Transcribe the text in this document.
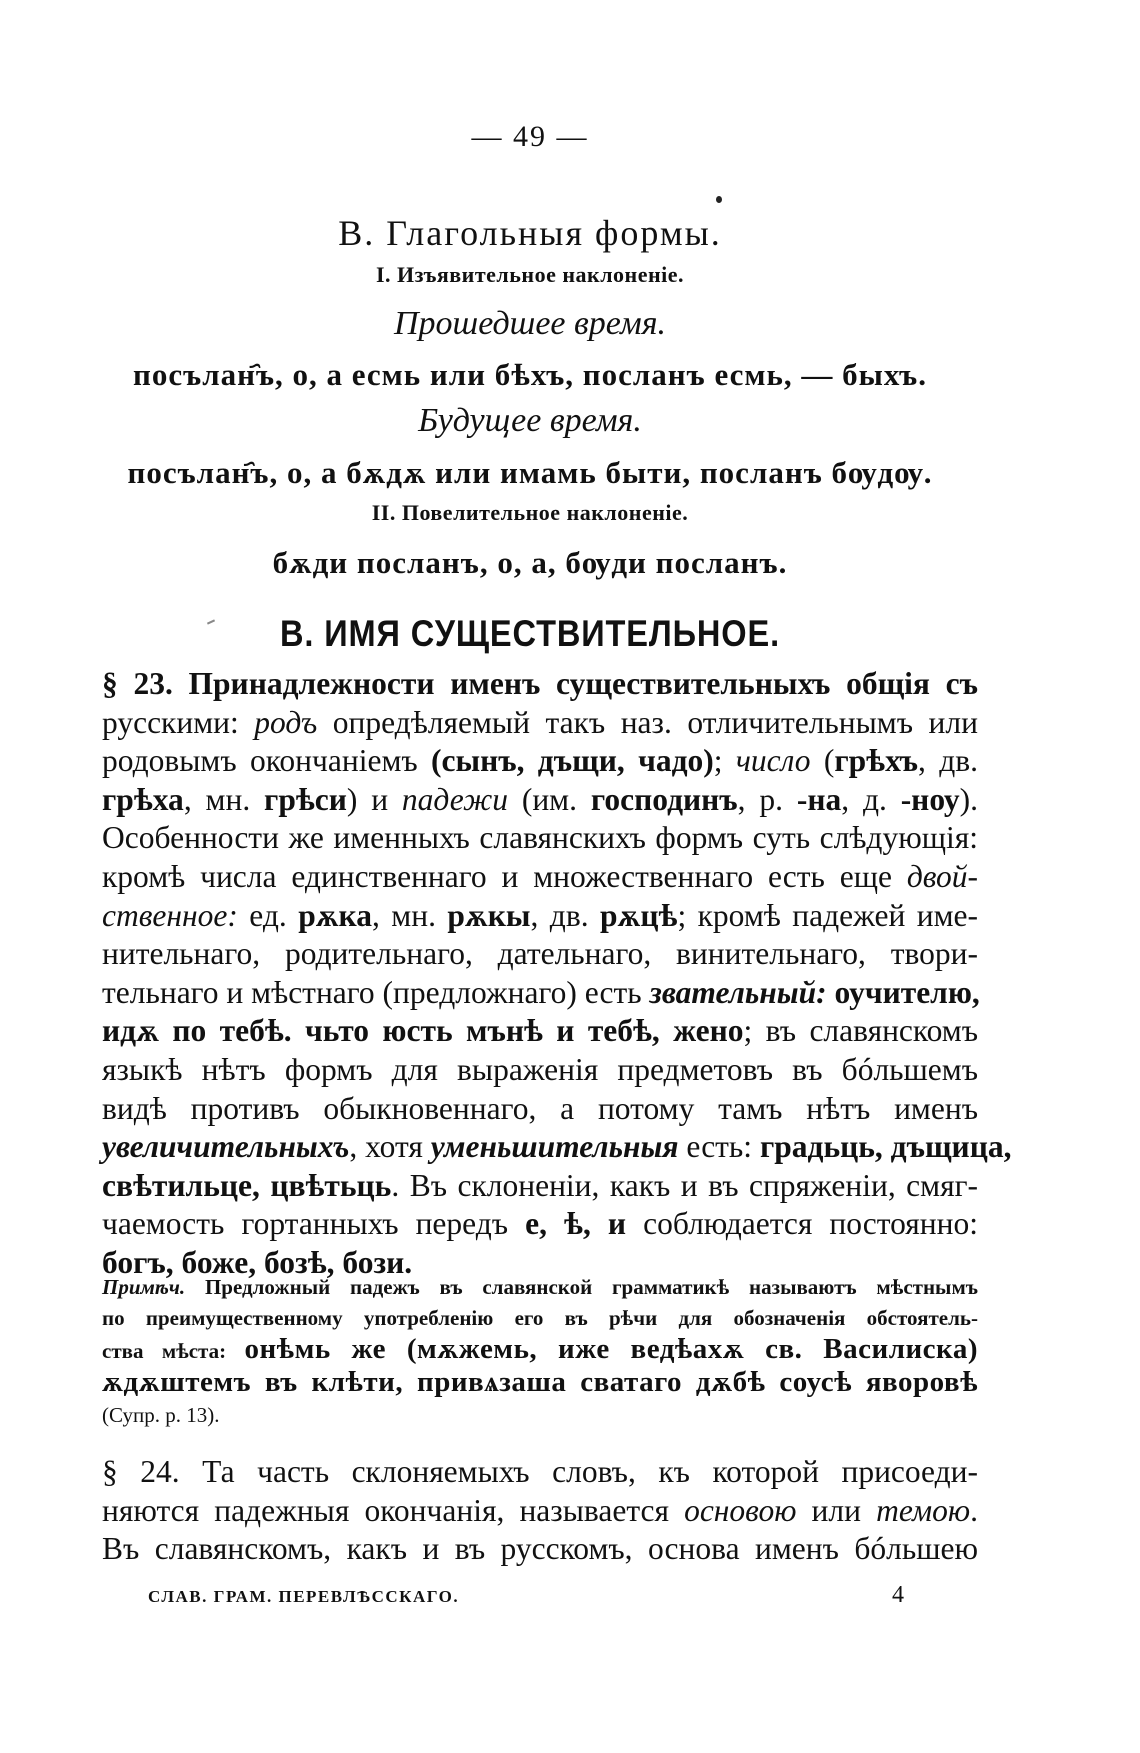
— 49 —
В. Глагольныя формы.
I. Изъявительное наклоненіе.
Прошедшее время.
посълан҄ъ, о, а есмь или бѣхъ, посланъ есмь, — быхъ.
Будущее время.
посълан҄ъ, о, а бѫдѫ или имамь быти, посланъ бѹдѹ.
II. Повелительное наклоненіе.
бѫди посланъ, о, а, бѹди посланъ.
В. ИМЯ СУЩЕСТВИТЕЛЬНОЕ.
§ 23. Принадлежности именъ существительныхъ общія съ
русскими: родъ опредѣляемый такъ наз. отличительнымъ или
родовымъ окончаніемъ (сынъ, дъщи, чадо); число (грѣхъ, дв.
грѣха, мн. грѣси) и падежи (им. господинъ, р. -на, д. -ноу).
Особенности же именныхъ славянскихъ формъ суть слѣдующія:
кромѣ числа единственнаго и множественнаго есть еще двой-
ственное: ед. рѫка, мн. рѫкы, дв. рѫцѣ; кромѣ падежей име-
нительнаго, родительнаго, дательнаго, винительнаго, твори-
тельнаго и мѣстнаго (предложнаго) есть звательный: оучителю,
идѫ по тебѣ. чьто юсть мънѣ и тебѣ, жено; въ славянскомъ
языкѣ нѣтъ формъ для выраженія предметовъ въ бóльшемъ
видѣ противъ обыкновеннаго, а потому тамъ нѣтъ именъ
увеличительныхъ, хотя уменьшительныя есть: градьць, дъщица,
свѣтильце, цвѣтьць. Въ склоненіи, какъ и въ спряженіи, смяг-
чаемость гортанныхъ передъ е, ѣ, и соблюдается постоянно:
богъ, боже, бозѣ, бози.
Примѣч. Предложный падежъ въ славянской грамматикѣ называютъ мѣстнымъ
по преимущественному употребленію его въ рѣчи для обозначенія обстоятель-
ства мѣста: онѣмь же (мѫжемь, иже ведѣахѫ св. Василиска)
ѫдѫштемъ въ клѣти, привѧзаша сватаго дѫбѣ соусѣ яворовѣ
(Супр. р. 13).
§ 24. Та часть склоняемыхъ словъ, къ которой присоеди-
няются падежныя окончанія, называется основою или темою.
Въ славянскомъ, какъ и въ русскомъ, основа именъ бóльшею
СЛАВ. ГРАМ. ПЕРЕВЛѢССКАГО.	4
